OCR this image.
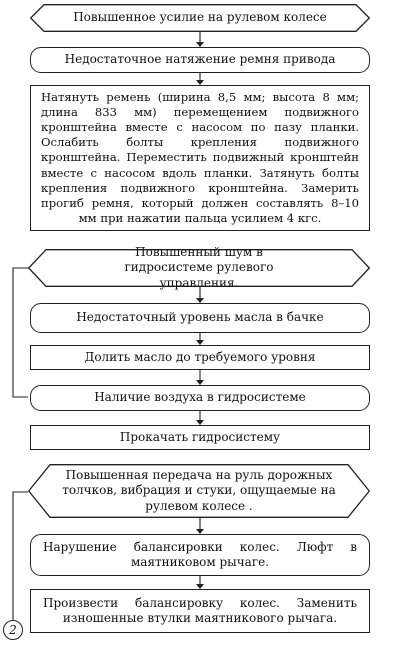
Повышенное усилие на рулевом колесе
Недостаточное натяжение ремня привода
Натянуть ремень (ширина 8,5 мм; высота 8 мм; длина 833 мм) перемещением подвижного кронштейна вместе с насосом по пазу планки. Ослабить болты крепления подвижного кронштейна. Переместить подвижный кронштейн вместе с насосом вдоль планки. Затянуть болты крепления подвижного кронштейна. Замерить прогиб ремня, который должен составлять 8–10 мм при нажатии пальца усилием 4 кгс.
Повышенный шум в гидросистеме рулевого управления.
Недостаточный уровень масла в бачке
Долить масло до требуемого уровня
Наличие воздуха в гидросистеме
Прокачать гидросистему
Повышенная передача на руль дорожных толчков, вибрация и стуки, ощущаемые на рулевом колесе .
Нарушение балансировки колес. Люфт в маятниковом рычаге.
Произвести балансировку колес. Заменить изношенные втулки маятникового рычага.
2
